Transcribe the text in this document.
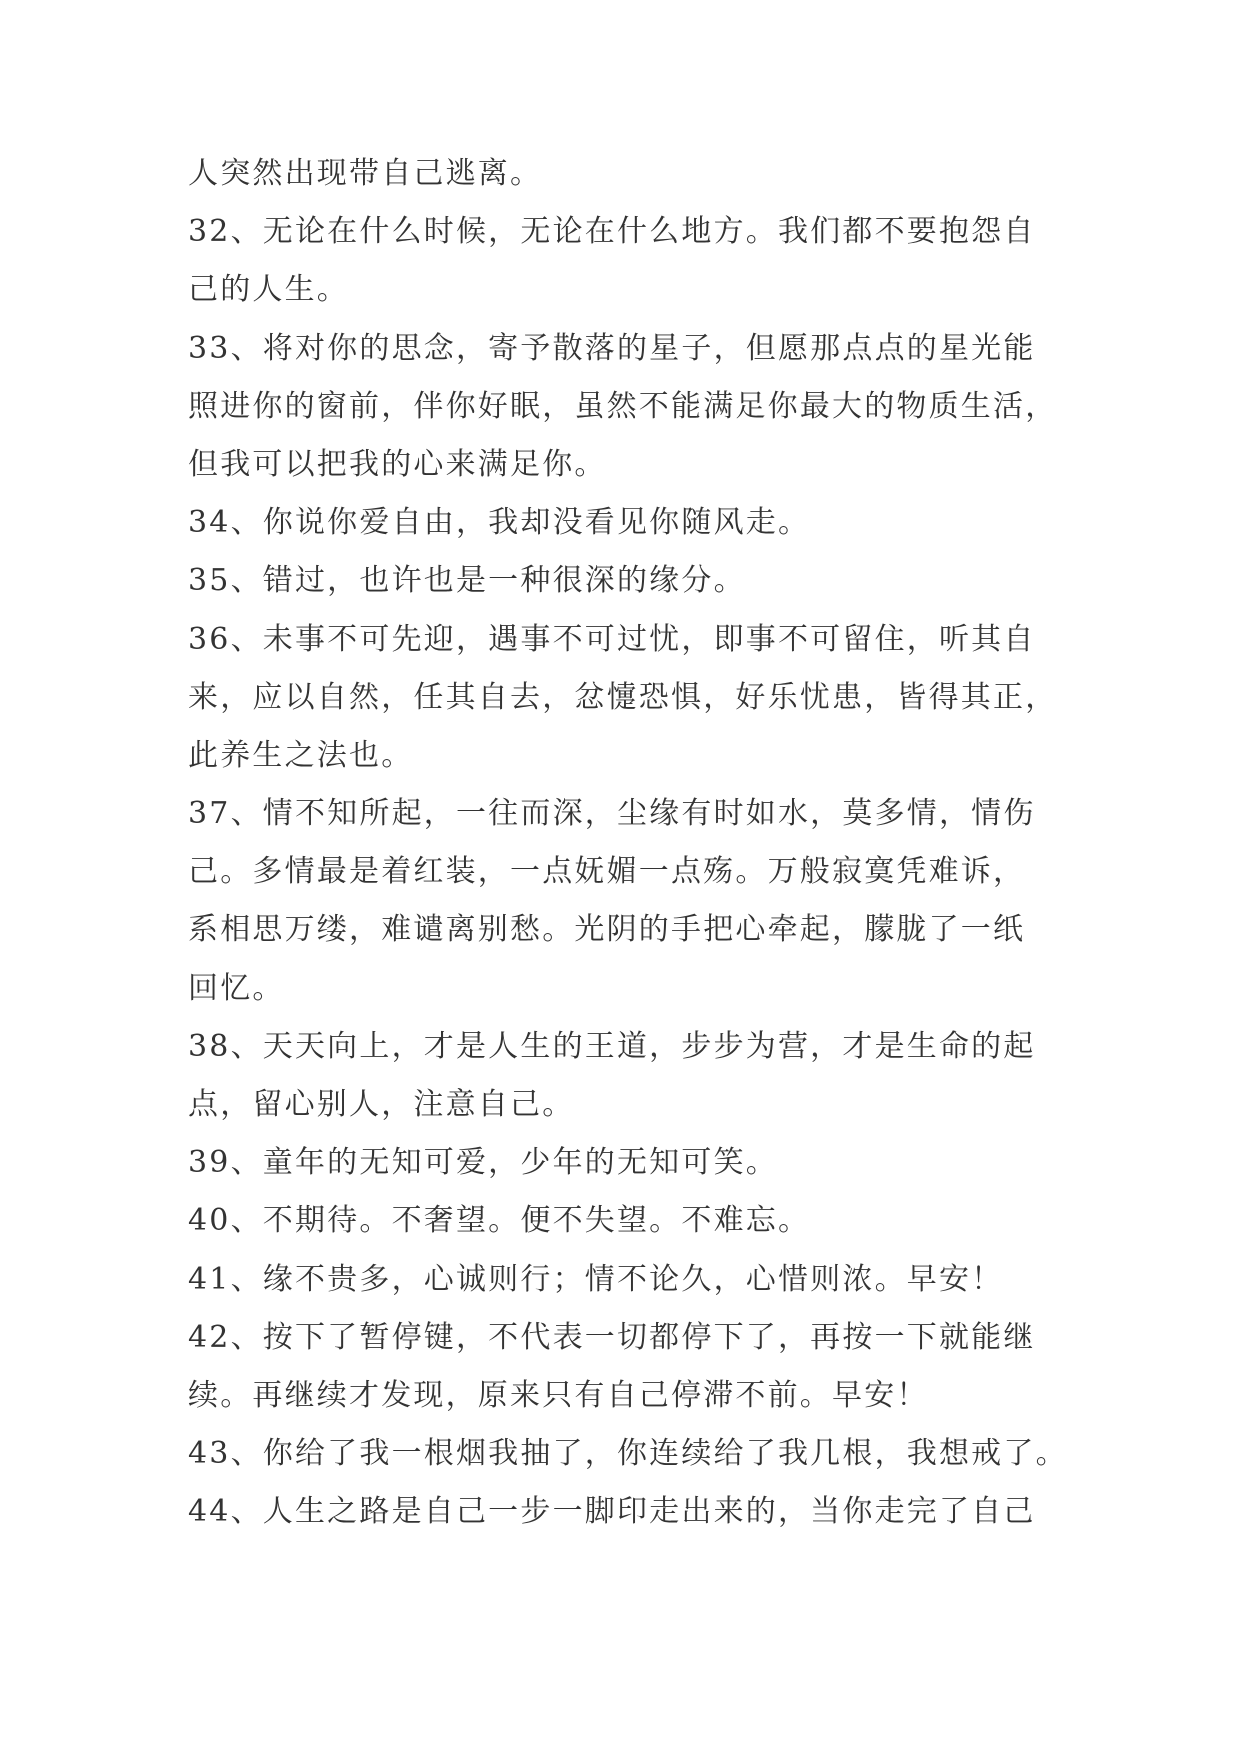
人突然出现带自己逃离。
32、无论在什么时候，无论在什么地方。我们都不要抱怨自
己的人生。
33、将对你的思念，寄予散落的星子，但愿那点点的星光能
照进你的窗前，伴你好眠，虽然不能满足你最大的物质生活，
但我可以把我的心来满足你。
34、你说你爱自由，我却没看见你随风走。
35、错过，也许也是一种很深的缘分。
36、未事不可先迎，遇事不可过忧，即事不可留住，听其自
来，应以自然，任其自去，忿懥恐惧，好乐忧患，皆得其正，
此养生之法也。
37、情不知所起，一往而深，尘缘有时如水，莫多情，情伤
己。多情最是着红装，一点妩媚一点殇。万般寂寞凭难诉，
系相思万缕，难谴离别愁。光阴的手把心牵起，朦胧了一纸
回忆。
38、天天向上，才是人生的王道，步步为营，才是生命的起
点，留心别人，注意自己。
39、童年的无知可爱，少年的无知可笑。
40、不期待。不奢望。便不失望。不难忘。
41、缘不贵多，心诚则行；情不论久，心惜则浓。早安！
42、按下了暂停键，不代表一切都停下了，再按一下就能继
续。再继续才发现，原来只有自己停滞不前。早安！
43、你给了我一根烟我抽了，你连续给了我几根，我想戒了。
44、人生之路是自己一步一脚印走出来的，当你走完了自己
